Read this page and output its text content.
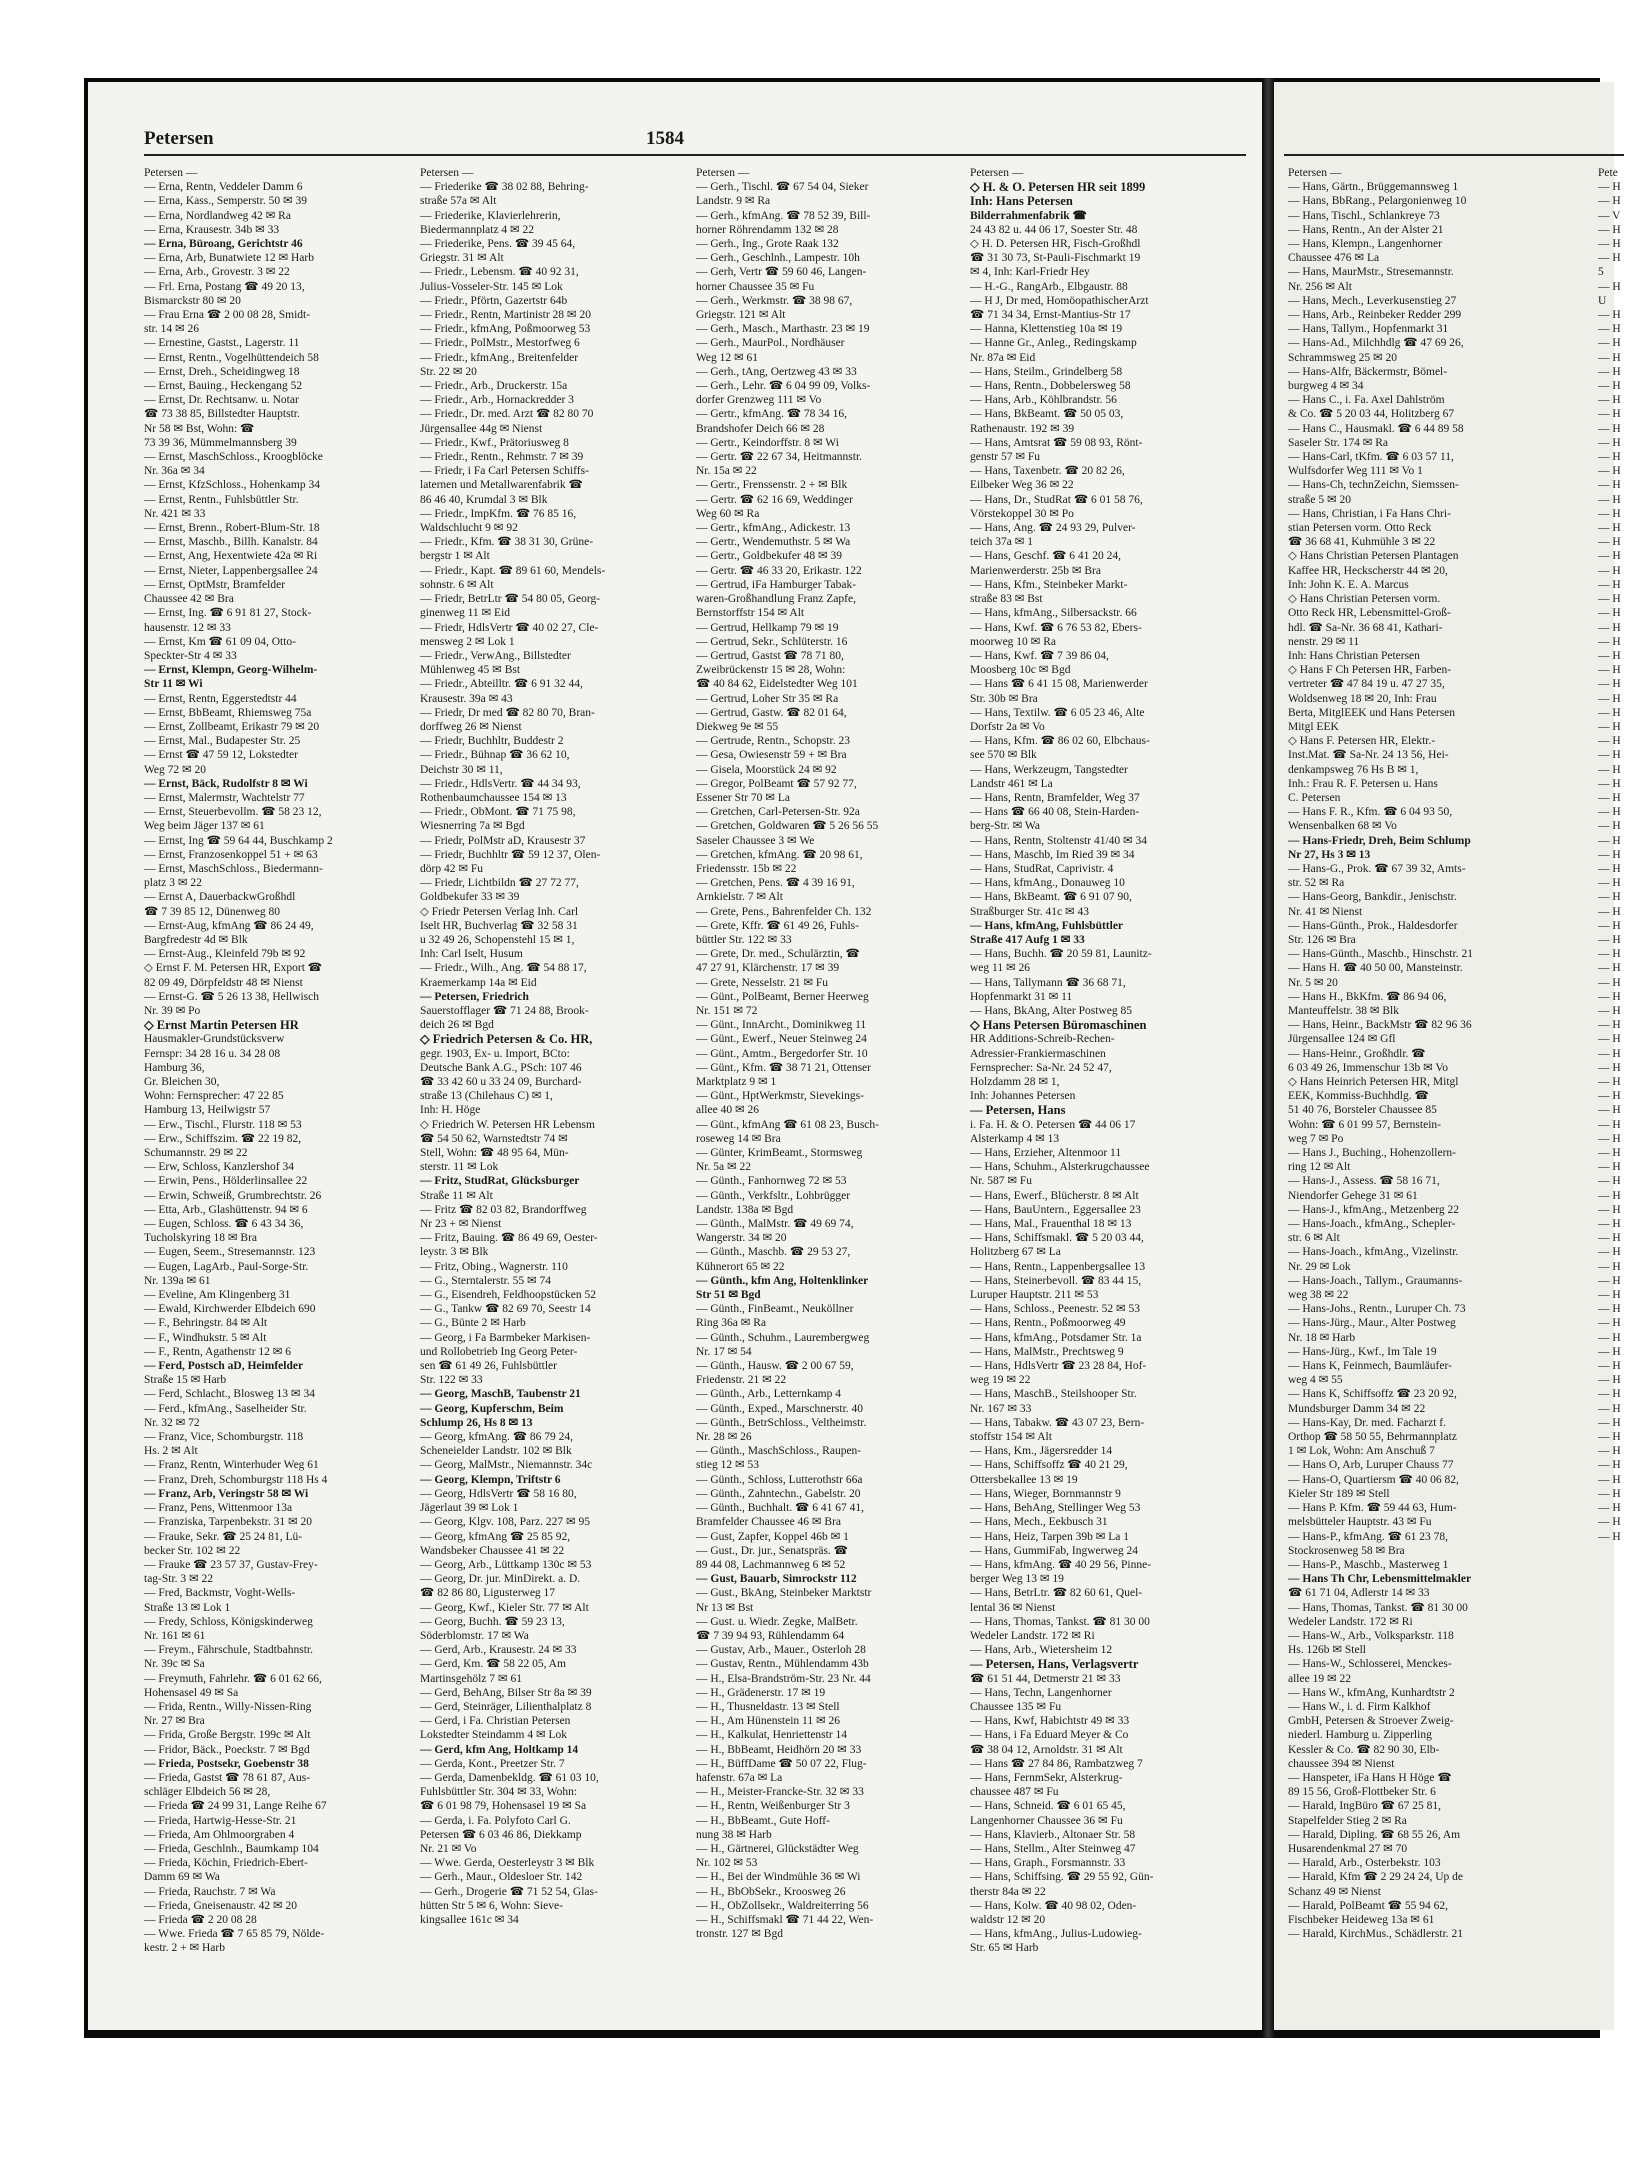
Petersen	1584
Petersen —
— Erna, Rentn, Veddeler Damm 6
— Erna, Kass., Semperstr. 50 ✉ 39
— Erna, Nordlandweg 42 ✉ Ra
— Erna, Krausestr. 34b ✉ 33
— Erna, Büroang, Gerichtstr 46
— Erna, Arb, Bunatwiete 12 ✉ Harb
— Erna, Arb., Grovestr. 3 ✉ 22
— Frl. Erna, Postang ☎ 49 20 13,
Bismarckstr 80 ✉ 20
— Frau Erna ☎ 2 00 08 28, Smidt-
str. 14 ✉ 26
— Ernestine, Gastst., Lagerstr. 11
— Ernst, Rentn., Vogelhüttendeich 58
— Ernst, Dreh., Scheidingweg 18
— Ernst, Bauing., Heckengang 52
— Ernst, Dr. Rechtsanw. u. Notar
☎ 73 38 85, Billstedter Hauptstr.
Nr 58 ✉ Bst, Wohn: ☎
73 39 36, Mümmelmannsberg 39
— Ernst, MaschSchloss., Kroogblöcke
Nr. 36a ✉ 34
— Ernst, KfzSchloss., Hohenkamp 34
— Ernst, Rentn., Fuhlsbüttler Str.
Nr. 421 ✉ 33
— Ernst, Brenn., Robert-Blum-Str. 18
— Ernst, Maschb., Billh. Kanalstr. 84
— Ernst, Ang, Hexentwiete 42a ✉ Ri
— Ernst, Nieter, Lappenbergsallee 24
— Ernst, OptMstr, Bramfelder
Chaussee 42 ✉ Bra
— Ernst, Ing. ☎ 6 91 81 27, Stock-
hausenstr. 12 ✉ 33
— Ernst, Km ☎ 61 09 04, Otto-
Speckter-Str 4 ✉ 33
— Ernst, Klempn, Georg-Wilhelm-
Str 11 ✉ Wi
— Ernst, Rentn, Eggerstedtstr 44
— Ernst, BbBeamt, Rhiemsweg 75a
— Ernst, Zollbeamt, Erikastr 79 ✉ 20
— Ernst, Mal., Budapester Str. 25
— Ernst ☎ 47 59 12, Lokstedter
Weg 72 ✉ 20
— Ernst, Bäck, Rudolfstr 8 ✉ Wi
— Ernst, Malermstr, Wachtelstr 77
— Ernst, Steuerbevollm. ☎ 58 23 12,
Weg beim Jäger 137 ✉ 61
— Ernst, Ing ☎ 59 64 44, Buschkamp 2
— Ernst, Franzosenkoppel 51 + ✉ 63
— Ernst, MaschSchloss., Biedermann-
platz 3 ✉ 22
— Ernst A, DauerbackwGroßhdl
☎ 7 39 85 12, Dünenweg 80
— Ernst-Aug, kfmAng ☎ 86 24 49,
Bargfredestr 4d ✉ Blk
— Ernst-Aug., Kleinfeld 79b ✉ 92
◇ Ernst F. M. Petersen HR, Export ☎
82 09 49, Dörpfeldstr 48 ✉ Nienst
— Ernst-G. ☎ 5 26 13 38, Hellwisch
Nr. 39 ✉ Po
◇ Ernst Martin Petersen HR
Hausmakler-Grundstücksverw
Fernspr: 34 28 16 u. 34 28 08
Hamburg 36,
Gr. Bleichen 30,
Wohn: Fernsprecher: 47 22 85
Hamburg 13, Heilwigstr 57
— Erw., Tischl., Flurstr. 118 ✉ 53
— Erw., Schiffszim. ☎ 22 19 82,
Schumannstr. 29 ✉ 22
— Erw, Schloss, Kanzlershof 34
— Erwin, Pens., Hölderlinsallee 22
— Erwin, Schweiß, Grumbrechtstr. 26
— Etta, Arb., Glashüttenstr. 94 ✉ 6
— Eugen, Schloss. ☎ 6 43 34 36,
Tucholskyring 18 ✉ Bra
— Eugen, Seem., Stresemannstr. 123
— Eugen, LagArb., Paul-Sorge-Str.
Nr. 139a ✉ 61
— Eveline, Am Klingenberg 31
— Ewald, Kirchwerder Elbdeich 690
— F., Behringstr. 84 ✉ Alt
— F., Windhukstr. 5 ✉ Alt
— F., Rentn, Agathenstr 12 ✉ 6
— Ferd, Postsch aD, Heimfelder
Straße 15 ✉ Harb
— Ferd, Schlacht., Blosweg 13 ✉ 34
— Ferd., kfmAng., Saselheider Str.
Nr. 32 ✉ 72
— Franz, Vice, Schomburgstr. 118
Hs. 2 ✉ Alt
— Franz, Rentn, Winterhuder Weg 61
— Franz, Dreh, Schomburgstr 118 Hs 4
— Franz, Arb, Veringstr 58 ✉ Wi
— Franz, Pens, Wittenmoor 13a
— Franziska, Tarpenbekstr. 31 ✉ 20
— Frauke, Sekr. ☎ 25 24 81, Lü-
becker Str. 102 ✉ 22
— Frauke ☎ 23 57 37, Gustav-Frey-
tag-Str. 3 ✉ 22
— Fred, Backmstr, Voght-Wells-
Straße 13 ✉ Lok 1
— Fredy, Schloss, Königskinderweg
Nr. 161 ✉ 61
— Freym., Fährschule, Stadtbahnstr.
Nr. 39c ✉ Sa
— Freymuth, Fahrlehr. ☎ 6 01 62 66,
Hohensasel 49 ✉ Sa
— Frida, Rentn., Willy-Nissen-Ring
Nr. 27 ✉ Bra
— Frida, Große Bergstr. 199c ✉ Alt
— Fridor, Bäck., Poeckstr. 7 ✉ Bgd
— Frieda, Postsekr, Goebenstr 38
— Frieda, Gastst ☎ 78 61 87, Aus-
schläger Elbdeich 56 ✉ 28,
— Frieda ☎ 24 99 31, Lange Reihe 67
— Frieda, Hartwig-Hesse-Str. 21
— Frieda, Am Ohlmoorgraben 4
— Frieda, Geschlnh., Baumkamp 104
— Frieda, Köchin, Friedrich-Ebert-
Damm 69 ✉ Wa
— Frieda, Rauchstr. 7 ✉ Wa
— Frieda, Gneisenaustr. 42 ✉ 20
— Frieda ☎ 2 20 08 28
— Wwe. Frieda ☎ 7 65 85 79, Nölde-
kestr. 2 + ✉ Harb
Petersen —
— Friederike ☎ 38 02 88, Behring-
straße 57a ✉ Alt
— Friederike, Klavierlehrerin,
Biedermannplatz 4 ✉ 22
— Friederike, Pens. ☎ 39 45 64,
Griegstr. 31 ✉ Alt
— Friedr., Lebensm. ☎ 40 92 31,
Julius-Vosseler-Str. 145 ✉ Lok
— Friedr., Pförtn, Gazertstr 64b
— Friedr., Rentn, Martinistr 28 ✉ 20
— Friedr., kfmAng, Poßmoorweg 53
— Friedr., PolMstr., Mestorfweg 6
— Friedr., kfmAng., Breitenfelder
Str. 22 ✉ 20
— Friedr., Arb., Druckerstr. 15a
— Friedr., Arb., Hornackredder 3
— Friedr., Dr. med. Arzt ☎ 82 80 70
Jürgensallee 44g ✉ Nienst
— Friedr., Kwf., Prätoriusweg 8
— Friedr., Rentn., Rehmstr. 7 ✉ 39
— Friedr, i Fa Carl Petersen Schiffs-
laternen und Metallwarenfabrik ☎
86 46 40, Krumdal 3 ✉ Blk
— Friedr., ImpKfm. ☎ 76 85 16,
Waldschlucht 9 ✉ 92
— Friedr., Kfm. ☎ 38 31 30, Grüne-
bergstr 1 ✉ Alt
— Friedr., Kapt. ☎ 89 61 60, Mendels-
sohnstr. 6 ✉ Alt
— Friedr, BetrLtr ☎ 54 80 05, Georg-
ginenweg 11 ✉ Eid
— Friedr, HdlsVertr ☎ 40 02 27, Cle-
mensweg 2 ✉ Lok 1
— Friedr., VerwAng., Billstedter
Mühlenweg 45 ✉ Bst
— Friedr., Abteilltr. ☎ 6 91 32 44,
Krausestr. 39a ✉ 43
— Friedr, Dr med ☎ 82 80 70, Bran-
dorffweg 26 ✉ Nienst
— Friedr, Buchhltr, Buddestr 2
— Friedr., Bühnap ☎ 36 62 10,
Deichstr 30 ✉ 11,
— Friedr., HdlsVertr. ☎ 44 34 93,
Rothenbaumchaussee 154 ✉ 13
— Friedr., ObMont. ☎ 71 75 98,
Wiesnerring 7a ✉ Bgd
— Friedr, PolMstr aD, Krausestr 37
— Friedr, Buchhltr ☎ 59 12 37, Olen-
dörp 42 ✉ Fu
— Friedr, Lichtbildn ☎ 27 72 77,
Goldbekufer 33 ✉ 39
◇ Friedr Petersen Verlag Inh. Carl
Iselt HR, Buchverlag ☎ 32 58 31
u 32 49 26, Schopenstehl 15 ✉ 1,
Inh: Carl Iselt, Husum
— Friedr., Wilh., Ang. ☎ 54 88 17,
Kraemerkamp 14a ✉ Eid
— Petersen, Friedrich
Sauerstofflager ☎ 71 24 88, Brook-
deich 26 ✉ Bgd
◇ Friedrich Petersen & Co. HR,
gegr. 1903, Ex- u. Import, BCto:
Deutsche Bank A.G., PSch: 107 46
☎ 33 42 60 u 33 24 09, Burchard-
straße 13 (Chilehaus C) ✉ 1,
Inh: H. Höge
◇ Friedrich W. Petersen HR Lebensm
☎ 54 50 62, Warnstedtstr 74 ✉
Stell, Wohn: ☎ 48 95 64, Mün-
sterstr. 11 ✉ Lok
— Fritz, StudRat, Glücksburger
Straße 11 ✉ Alt
— Fritz ☎ 82 03 82, Brandorffweg
Nr 23 + ✉ Nienst
— Fritz, Bauing. ☎ 86 49 69, Oester-
leystr. 3 ✉ Blk
— Fritz, Obing., Wagnerstr. 110
— G., Sterntalerstr. 55 ✉ 74
— G., Eisendreh, Feldhoopstücken 52
— G., Tankw ☎ 82 69 70, Seestr 14
— G., Bünte 2 ✉ Harb
— Georg, i Fa Barmbeker Markisen-
und Rollobetrieb Ing Georg Peter-
sen ☎ 61 49 26, Fuhlsbüttler
Str. 122 ✉ 33
— Georg, MaschB, Taubenstr 21
— Georg, Kupferschm, Beim
Schlump 26, Hs 8 ✉ 13
— Georg, kfmAng. ☎ 86 79 24,
Scheneielder Landstr. 102 ✉ Blk
— Georg, MalMstr., Niemannstr. 34c
— Georg, Klempn, Triftstr 6
— Georg, HdlsVertr ☎ 58 16 80,
Jägerlaut 39 ✉ Lok 1
— Georg, Klgv. 108, Parz. 227 ✉ 95
— Georg, kfmAng ☎ 25 85 92,
Wandsbeker Chaussee 41 ✉ 22
— Georg, Arb., Lüttkamp 130c ✉ 53
— Georg, Dr. jur. MinDirekt. a. D.
☎ 82 86 80, Ligusterweg 17
— Georg, Kwf., Kieler Str. 77 ✉ Alt
— Georg, Buchh. ☎ 59 23 13,
Söderblomstr. 17 ✉ Wa
— Gerd, Arb., Krausestr. 24 ✉ 33
— Gerd, Km. ☎ 58 22 05, Am
Martinsgehölz 7 ✉ 61
— Gerd, BehAng, Bilser Str 8a ✉ 39
— Gerd, Steinräger, Lilienthalplatz 8
— Gerd, i Fa. Christian Petersen
Lokstedter Steindamm 4 ✉ Lok
— Gerd, kfm Ang, Holtkamp 14
— Gerda, Kont., Preetzer Str. 7
— Gerda, Damenbekldg. ☎ 61 03 10,
Fuhlsbüttler Str. 304 ✉ 33, Wohn:
☎ 6 01 98 79, Hohensasel 19 ✉ Sa
— Gerda, i. Fa. Polyfoto Carl G.
Petersen ☎ 6 03 46 86, Diekkamp
Nr. 21 ✉ Vo
— Wwe. Gerda, Oesterleystr 3 ✉ Blk
— Gerh., Maur., Oldesloer Str. 142
— Gerh., Drogerie ☎ 71 52 54, Glas-
hütten Str 5 ✉ 6, Wohn: Sieve-
kingsallee 161c ✉ 34
Petersen —
— Gerh., Tischl. ☎ 67 54 04, Sieker
Landstr. 9 ✉ Ra
— Gerh., kfmAng. ☎ 78 52 39, Bill-
horner Röhrendamm 132 ✉ 28
— Gerh., Ing., Grote Raak 132
— Gerh., Geschlnh., Lampestr. 10h
— Gerh, Vertr ☎ 59 60 46, Langen-
horner Chaussee 35 ✉ Fu
— Gerh., Werkmstr. ☎ 38 98 67,
Griegstr. 121 ✉ Alt
— Gerh., Masch., Marthastr. 23 ✉ 19
— Gerh., MaurPol., Nordhäuser
Weg 12 ✉ 61
— Gerh., tAng, Oertzweg 43 ✉ 33
— Gerh., Lehr. ☎ 6 04 99 09, Volks-
dorfer Grenzweg 111 ✉ Vo
— Gertr., kfmAng. ☎ 78 34 16,
Brandshofer Deich 66 ✉ 28
— Gertr., Keindorffstr. 8 ✉ Wi
— Gertr. ☎ 22 67 34, Heitmannstr.
Nr. 15a ✉ 22
— Gertr., Frenssenstr. 2 + ✉ Blk
— Gertr. ☎ 62 16 69, Weddinger
Weg 60 ✉ Ra
— Gertr., kfmAng., Adickestr. 13
— Gertr., Wendemuthstr. 5 ✉ Wa
— Gertr., Goldbekufer 48 ✉ 39
— Gertr. ☎ 46 33 20, Erikastr. 122
— Gertrud, iFa Hamburger Tabak-
waren-Großhandlung Franz Zapfe,
Bernstorffstr 154 ✉ Alt
— Gertrud, Hellkamp 79 ✉ 19
— Gertrud, Sekr., Schlüterstr. 16
— Gertrud, Gastst ☎ 78 71 80,
Zweibrückenstr 15 ✉ 28, Wohn:
☎ 40 84 62, Eidelstedter Weg 101
— Gertrud, Loher Str 35 ✉ Ra
— Gertrud, Gastw. ☎ 82 01 64,
Diekweg 9e ✉ 55
— Gertrude, Rentn., Schopstr. 23
— Gesa, Owiesenstr 59 + ✉ Bra
— Gisela, Moorstück 24 ✉ 92
— Gregor, PolBeamt ☎ 57 92 77,
Essener Str 70 ✉ La
— Gretchen, Carl-Petersen-Str. 92a
— Gretchen, Goldwaren ☎ 5 26 56 55
Saseler Chaussee 3 ✉ We
— Gretchen, kfmAng. ☎ 20 98 61,
Friedensstr. 15b ✉ 22
— Gretchen, Pens. ☎ 4 39 16 91,
Arnkielstr. 7 ✉ Alt
— Grete, Pens., Bahrenfelder Ch. 132
— Grete, Kffr. ☎ 61 49 26, Fuhls-
büttler Str. 122 ✉ 33
— Grete, Dr. med., Schulärztin, ☎
47 27 91, Klärchenstr. 17 ✉ 39
— Grete, Nesselstr. 21 ✉ Fu
— Günt., PolBeamt, Berner Heerweg
Nr. 151 ✉ 72
— Günt., InnArcht., Dominikweg 11
— Günt., Ewerf., Neuer Steinweg 24
— Günt., Amtm., Bergedorfer Str. 10
— Günt., Kfm. ☎ 38 71 21, Ottenser
Marktplatz 9 ✉ 1
— Günt., HptWerkmstr, Sievekings-
allee 40 ✉ 26
— Günt., kfmAng ☎ 61 08 23, Busch-
roseweg 14 ✉ Bra
— Günter, KrimBeamt., Stormsweg
Nr. 5a ✉ 22
— Günth., Fanhornweg 72 ✉ 53
— Günth., Verkfsltr., Lohbrügger
Landstr. 138a ✉ Bgd
— Günth., MalMstr. ☎ 49 69 74,
Wangerstr. 34 ✉ 20
— Günth., Maschb. ☎ 29 53 27,
Kühnerort 65 ✉ 22
— Günth., kfm Ang, Holtenklinker
Str 51 ✉ Bgd
— Günth., FinBeamt., Neuköllner
Ring 36a ✉ Ra
— Günth., Schuhm., Laurembergweg
Nr. 17 ✉ 54
— Günth., Hausw. ☎ 2 00 67 59,
Friedenstr. 21 ✉ 22
— Günth., Arb., Letternkamp 4
— Günth., Exped., Marschnerstr. 40
— Günth., BetrSchloss., Veltheimstr.
Nr. 28 ✉ 26
— Günth., MaschSchloss., Raupen-
stieg 12 ✉ 53
— Günth., Schloss, Lutterothstr 66a
— Günth., Zahntechn., Gabelstr. 20
— Günth., Buchhalt. ☎ 6 41 67 41,
Bramfelder Chaussee 46 ✉ Bra
— Gust, Zapfer, Koppel 46b ✉ 1
— Gust., Dr. jur., Senatspräs. ☎
89 44 08, Lachmannweg 6 ✉ 52
— Gust, Bauarb, Simrockstr 112
— Gust., BkAng, Steinbeker Marktstr
Nr 13 ✉ Bst
— Gust. u. Wiedr. Zegke, MalBetr.
☎ 7 39 94 93, Rühlendamm 64
— Gustav, Arb., Mauer., Osterloh 28
— Gustav, Rentn., Mühlendamm 43b
— H., Elsa-Brandström-Str. 23 Nr. 44
— H., Grädenerstr. 17 ✉ 19
— H., Thusneldastr. 13 ✉ Stell
— H., Am Hünenstein 11 ✉ 26
— H., Kalkulat, Henriettenstr 14
— H., BbBeamt, Heidhörn 20 ✉ 33
— H., BüffDame ☎ 50 07 22, Flug-
hafenstr. 67a ✉ La
— H., Meister-Francke-Str. 32 ✉ 33
— H., Rentn, Weißenburger Str 3
— H., BbBeamt., Gute Hoff-
nung 38 ✉ Harb
— H., Gärtnerei, Glückstädter Weg
Nr. 102 ✉ 53
— H., Bei der Windmühle 36 ✉ Wi
— H., BbObSekr., Kroosweg 26
— H., ObZollsekr., Waldreiterring 56
— H., Schiffsmakl ☎ 71 44 22, Wen-
tronstr. 127 ✉ Bgd
Petersen —
◇ H. & O. Petersen HR seit 1899
Inh: Hans Petersen
Bilderrahmenfabrik ☎
24 43 82 u. 44 06 17, Soester Str. 48
◇ H. D. Petersen HR, Fisch-Großhdl
☎ 31 30 73, St-Pauli-Fischmarkt 19
✉ 4, Inh: Karl-Friedr Hey
— H.-G., RangArb., Elbgaustr. 88
— H J, Dr med, HomöopathischerArzt
☎ 71 34 34, Ernst-Mantius-Str 17
— Hanna, Klettenstieg 10a ✉ 19
— Hanne Gr., Anleg., Redingskamp
Nr. 87a ✉ Eid
— Hans, Steilm., Grindelberg 58
— Hans, Rentn., Dobbelersweg 58
— Hans, Arb., Köhlbrandstr. 56
— Hans, BkBeamt. ☎ 50 05 03,
Rathenaustr. 192 ✉ 39
— Hans, Amtsrat ☎ 59 08 93, Rönt-
genstr 57 ✉ Fu
— Hans, Taxenbetr. ☎ 20 82 26,
Eilbeker Weg 36 ✉ 22
— Hans, Dr., StudRat ☎ 6 01 58 76,
Vörstekoppel 30 ✉ Po
— Hans, Ang. ☎ 24 93 29, Pulver-
teich 37a ✉ 1
— Hans, Geschf. ☎ 6 41 20 24,
Marienwerderstr. 25b ✉ Bra
— Hans, Kfm., Steinbeker Markt-
straße 83 ✉ Bst
— Hans, kfmAng., Silbersackstr. 66
— Hans, Kwf. ☎ 6 76 53 82, Ebers-
moorweg 10 ✉ Ra
— Hans, Kwf. ☎ 7 39 86 04,
Moosberg 10c ✉ Bgd
— Hans ☎ 6 41 15 08, Marienwerder
Str. 30b ✉ Bra
— Hans, Textilw. ☎ 6 05 23 46, Alte
Dorfstr 2a ✉ Vo
— Hans, Kfm. ☎ 86 02 60, Elbchaus-
see 570 ✉ Blk
— Hans, Werkzeugm, Tangstedter
Landstr 461 ✉ La
— Hans, Rentn, Bramfelder, Weg 37
— Hans ☎ 66 40 08, Stein-Harden-
berg-Str. ✉ Wa
— Hans, Rentn, Stoltenstr 41/40 ✉ 34
— Hans, Maschb, Im Ried 39 ✉ 34
— Hans, StudRat, Caprivistr. 4
— Hans, kfmAng., Donauweg 10
— Hans, BkBeamt. ☎ 6 91 07 90,
Straßburger Str. 41c ✉ 43
— Hans, kfmAng, Fuhlsbüttler
Straße 417 Aufg 1 ✉ 33
— Hans, Buchh. ☎ 20 59 81, Launitz-
weg 11 ✉ 26
— Hans, Tallymann ☎ 36 68 71,
Hopfenmarkt 31 ✉ 11
— Hans, BkAng, Alter Postweg 85
◇ Hans Petersen Büromaschinen
HR Additions-Schreib-Rechen-
Adressier-Frankiermaschinen
Fernsprecher: Sa-Nr. 24 52 47,
Holzdamm 28 ✉ 1,
Inh: Johannes Petersen
— Petersen, Hans
i. Fa. H. & O. Petersen ☎ 44 06 17
Alsterkamp 4 ✉ 13
— Hans, Erzieher, Altenmoor 11
— Hans, Schuhm., Alsterkrugchaussee
Nr. 587 ✉ Fu
— Hans, Ewerf., Blücherstr. 8 ✉ Alt
— Hans, BauUntern., Eggersallee 23
— Hans, Mal., Frauenthal 18 ✉ 13
— Hans, Schiffsmakl. ☎ 5 20 03 44,
Holitzberg 67 ✉ La
— Hans, Rentn., Lappenbergsallee 13
— Hans, Steinerbevoll. ☎ 83 44 15,
Luruper Hauptstr. 211 ✉ 53
— Hans, Schloss., Peenestr. 52 ✉ 53
— Hans, Rentn., Poßmoorweg 49
— Hans, kfmAng., Potsdamer Str. 1a
— Hans, MalMstr., Prechtsweg 9
— Hans, HdlsVertr ☎ 23 28 84, Hof-
weg 19 ✉ 22
— Hans, MaschB., Steilshooper Str.
Nr. 167 ✉ 33
— Hans, Tabakw. ☎ 43 07 23, Bern-
stoffstr 154 ✉ Alt
— Hans, Km., Jägersredder 14
— Hans, Schiffsoffz ☎ 40 21 29,
Ottersbekallee 13 ✉ 19
— Hans, Wieger, Bornmannstr 9
— Hans, BehAng, Stellinger Weg 53
— Hans, Mech., Eekbusch 31
— Hans, Heiz, Tarpen 39b ✉ La 1
— Hans, GummiFab, Ingwerweg 24
— Hans, kfmAng. ☎ 40 29 56, Pinne-
berger Weg 13 ✉ 19
— Hans, BetrLtr. ☎ 82 60 61, Quel-
lental 36 ✉ Nienst
— Hans, Thomas, Tankst. ☎ 81 30 00
Wedeler Landstr. 172 ✉ Ri
— Hans, Arb., Wietersheim 12
— Petersen, Hans, Verlagsvertr
☎ 61 51 44, Detmerstr 21 ✉ 33
— Hans, Techn, Langenhorner
Chaussee 135 ✉ Fu
— Hans, Kwf, Habichtstr 49 ✉ 33
— Hans, i Fa Eduard Meyer & Co
☎ 38 04 12, Arnoldstr. 31 ✉ Alt
— Hans ☎ 27 84 86, Rambatzweg 7
— Hans, FernmSekr, Alsterkrug-
chaussee 487 ✉ Fu
— Hans, Schneid. ☎ 6 01 65 45,
Langenhorner Chaussee 36 ✉ Fu
— Hans, Klavierb., Altonaer Str. 58
— Hans, Stellm., Alter Steinweg 47
— Hans, Graph., Forsmannstr. 33
— Hans, Schiffsing. ☎ 29 55 92, Gün-
therstr 84a ✉ 22
— Hans, Kolw. ☎ 40 98 02, Oden-
waldstr 12 ✉ 20
— Hans, kfmAng., Julius-Ludowieg-
Str. 65 ✉ Harb
Petersen —
— Hans, Gärtn., Brüggemannsweg 1
— Hans, BbRang., Pelargonienweg 10
— Hans, Tischl., Schlankreye 73
— Hans, Rentn., An der Alster 21
— Hans, Klempn., Langenhorner
Chaussee 476 ✉ La
— Hans, MaurMstr., Stresemannstr.
Nr. 256 ✉ Alt
— Hans, Mech., Leverkusenstieg 27
— Hans, Arb., Reinbeker Redder 299
— Hans, Tallym., Hopfenmarkt 31
— Hans-Ad., Milchhdlg ☎ 47 69 26,
Schrammsweg 25 ✉ 20
— Hans-Alfr, Bäckermstr, Bömel-
burgweg 4 ✉ 34
— Hans C., i. Fa. Axel Dahlström
& Co. ☎ 5 20 03 44, Holitzberg 67
— Hans C., Hausmakl. ☎ 6 44 89 58
Saseler Str. 174 ✉ Ra
— Hans-Carl, tKfm. ☎ 6 03 57 11,
Wulfsdorfer Weg 111 ✉ Vo 1
— Hans-Ch, technZeichn, Siemssen-
straße 5 ✉ 20
— Hans, Christian, i Fa Hans Chri-
stian Petersen vorm. Otto Reck
☎ 36 68 41, Kuhmühle 3 ✉ 22
◇ Hans Christian Petersen Plantagen
Kaffee HR, Heckscherstr 44 ✉ 20,
Inh: John K. E. A. Marcus
◇ Hans Christian Petersen vorm.
Otto Reck HR, Lebensmittel-Groß-
hdl. ☎ Sa-Nr. 36 68 41, Kathari-
nenstr. 29 ✉ 11
Inh: Hans Christian Petersen
◇ Hans F Ch Petersen HR, Farben-
vertreter ☎ 47 84 19 u. 47 27 35,
Woldsenweg 18 ✉ 20, Inh: Frau
Berta, MitglEEK und Hans Petersen
Mitgl EEK
◇ Hans F. Petersen HR, Elektr.-
Inst.Mat. ☎ Sa-Nr. 24 13 56, Hei-
denkampsweg 76 Hs B ✉ 1,
Inh.: Frau R. F. Petersen u. Hans
C. Petersen
— Hans F. R., Kfm. ☎ 6 04 93 50,
Wensenbalken 68 ✉ Vo
— Hans-Friedr, Dreh, Beim Schlump
Nr 27, Hs 3 ✉ 13
— Hans-G., Prok. ☎ 67 39 32, Amts-
str. 52 ✉ Ra
— Hans-Georg, Bankdir., Jenischstr.
Nr. 41 ✉ Nienst
— Hans-Günth., Prok., Haldesdorfer
Str. 126 ✉ Bra
— Hans-Günth., Maschb., Hinschstr. 21
— Hans H. ☎ 40 50 00, Mansteinstr.
Nr. 5 ✉ 20
— Hans H., BkKfm. ☎ 86 94 06,
Manteuffelstr. 38 ✉ Blk
— Hans, Heinr., BackMstr ☎ 82 96 36
Jürgensallee 124 ✉ Gfl
— Hans-Heinr., Großhdlr. ☎
6 03 49 26, Immenschur 13b ✉ Vo
◇ Hans Heinrich Petersen HR, Mitgl
EEK, Kommiss-Buchhdlg. ☎
51 40 76, Borsteler Chaussee 85
Wohn: ☎ 6 01 99 57, Bernstein-
weg 7 ✉ Po
— Hans J., Buching., Hohenzollern-
ring 12 ✉ Alt
— Hans-J., Assess. ☎ 58 16 71,
Niendorfer Gehege 31 ✉ 61
— Hans-J., kfmAng., Metzenberg 22
— Hans-Joach., kfmAng., Schepler-
str. 6 ✉ Alt
— Hans-Joach., kfmAng., Vizelinstr.
Nr. 29 ✉ Lok
— Hans-Joach., Tallym., Graumanns-
weg 38 ✉ 22
— Hans-Johs., Rentn., Luruper Ch. 73
— Hans-Jürg., Maur., Alter Postweg
Nr. 18 ✉ Harb
— Hans-Jürg., Kwf., Im Tale 19
— Hans K, Feinmech, Baumläufer-
weg 4 ✉ 55
— Hans K, Schiffsoffz ☎ 23 20 92,
Mundsburger Damm 34 ✉ 22
— Hans-Kay, Dr. med. Facharzt f.
Orthop ☎ 58 50 55, Behrmannplatz
1 ✉ Lok, Wohn: Am Anschuß 7
— Hans O, Arb, Luruper Chauss 77
— Hans-O, Quartiersm ☎ 40 06 82,
Kieler Str 189 ✉ Stell
— Hans P. Kfm. ☎ 59 44 63, Hum-
melsbütteler Hauptstr. 43 ✉ Fu
— Hans-P., kfmAng. ☎ 61 23 78,
Stockrosenweg 58 ✉ Bra
— Hans-P., Maschb., Masterweg 1
— Hans Th Chr, Lebensmittelmakler
☎ 61 71 04, Adlerstr 14 ✉ 33
— Hans, Thomas, Tankst. ☎ 81 30 00
Wedeler Landstr. 172 ✉ Ri
— Hans-W., Arb., Volksparkstr. 118
Hs. 126b ✉ Stell
— Hans-W., Schlosserei, Menckes-
allee 19 ✉ 22
— Hans W., kfmAng, Kunhardtstr 2
— Hans W., i. d. Firm Kalkhof
GmbH, Petersen & Stroever Zweig-
niederl. Hamburg u. Zipperling
Kessler & Co. ☎ 82 90 30, Elb-
chaussee 394 ✉ Nienst
— Hanspeter, iFa Hans H Höge ☎
89 15 56, Groß-Flottbeker Str. 6
— Harald, IngBüro ☎ 67 25 81,
Stapelfelder Stieg 2 ✉ Ra
— Harald, Dipling. ☎ 68 55 26, Am
Husarendenkmal 27 ✉ 70
— Harald, Arb., Osterbekstr. 103
— Harald, Kfm ☎ 2 29 24 24, Up de
Schanz 49 ✉ Nienst
— Harald, PolBeamt ☎ 55 94 62,
Fischbeker Heideweg 13a ✉ 61
— Harald, KirchMus., Schädlerstr. 21
Pete
— H
— H
— V
— H
— H
— H
5
— H
U
— H
— H
— H
— H
— H
— H
— H
— H
— H
— H
— H
— H
— H
— H
— H
— H
— H
— H
— H
— H
— H
— H
— H
— H
— H
— H
— H
— H
— H
— H
— H
— H
— H
— H
— H
— H
— H
— H
— H
— H
— H
— H
— H
— H
— H
— H
— H
— H
— H
— H
— H
— H
— H
— H
— H
— H
— H
— H
— H
— H
— H
— H
— H
— H
— H
— H
— H
— H
— H
— H
— H
— H
— H
— H
— H
— H
— H
— H
— H
— H
— H
— H
— H
— H
— H
— H
— H
